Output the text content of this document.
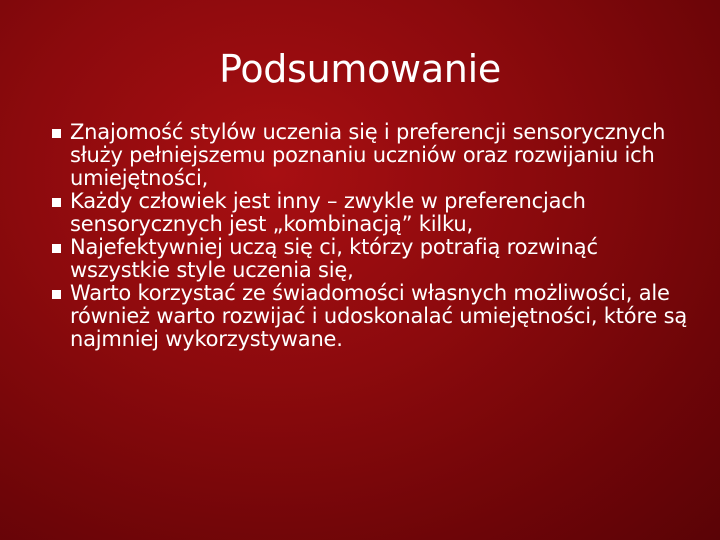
Podsumowanie
Znajomość stylów uczenia się i preferencji sensorycznych służy pełniejszemu poznaniu uczniów oraz rozwijaniu ich umiejętności,
Każdy człowiek jest inny – zwykle w preferencjach sensorycznych jest „kombinacją” kilku,
Najefektywniej uczą się ci, którzy potrafią rozwinąć wszystkie style uczenia się,
Warto korzystać ze świadomości własnych możliwości, ale również warto rozwijać i udoskonalać umiejętności, które są najmniej wykorzystywane.
